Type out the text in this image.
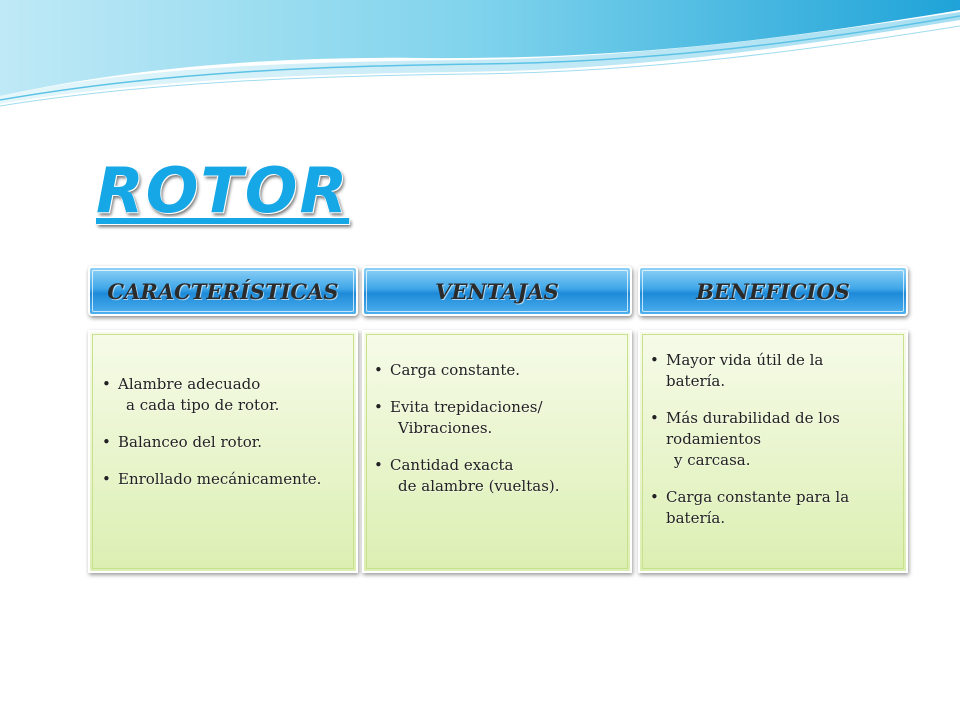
ROTOR
CARACTERÍSTICAS	VENTAJAS	BENEFICIOS
• Alambre adecuado
a cada tipo de rotor.
• Balanceo del rotor.
• Enrollado mecánicamente.
• Carga constante.
• Evita trepidaciones/
Vibraciones.
• Cantidad exacta
de alambre (vueltas).
• Mayor vida útil de la
batería.
• Más durabilidad de los
rodamientos
y carcasa.
• Carga constante para la
batería.
